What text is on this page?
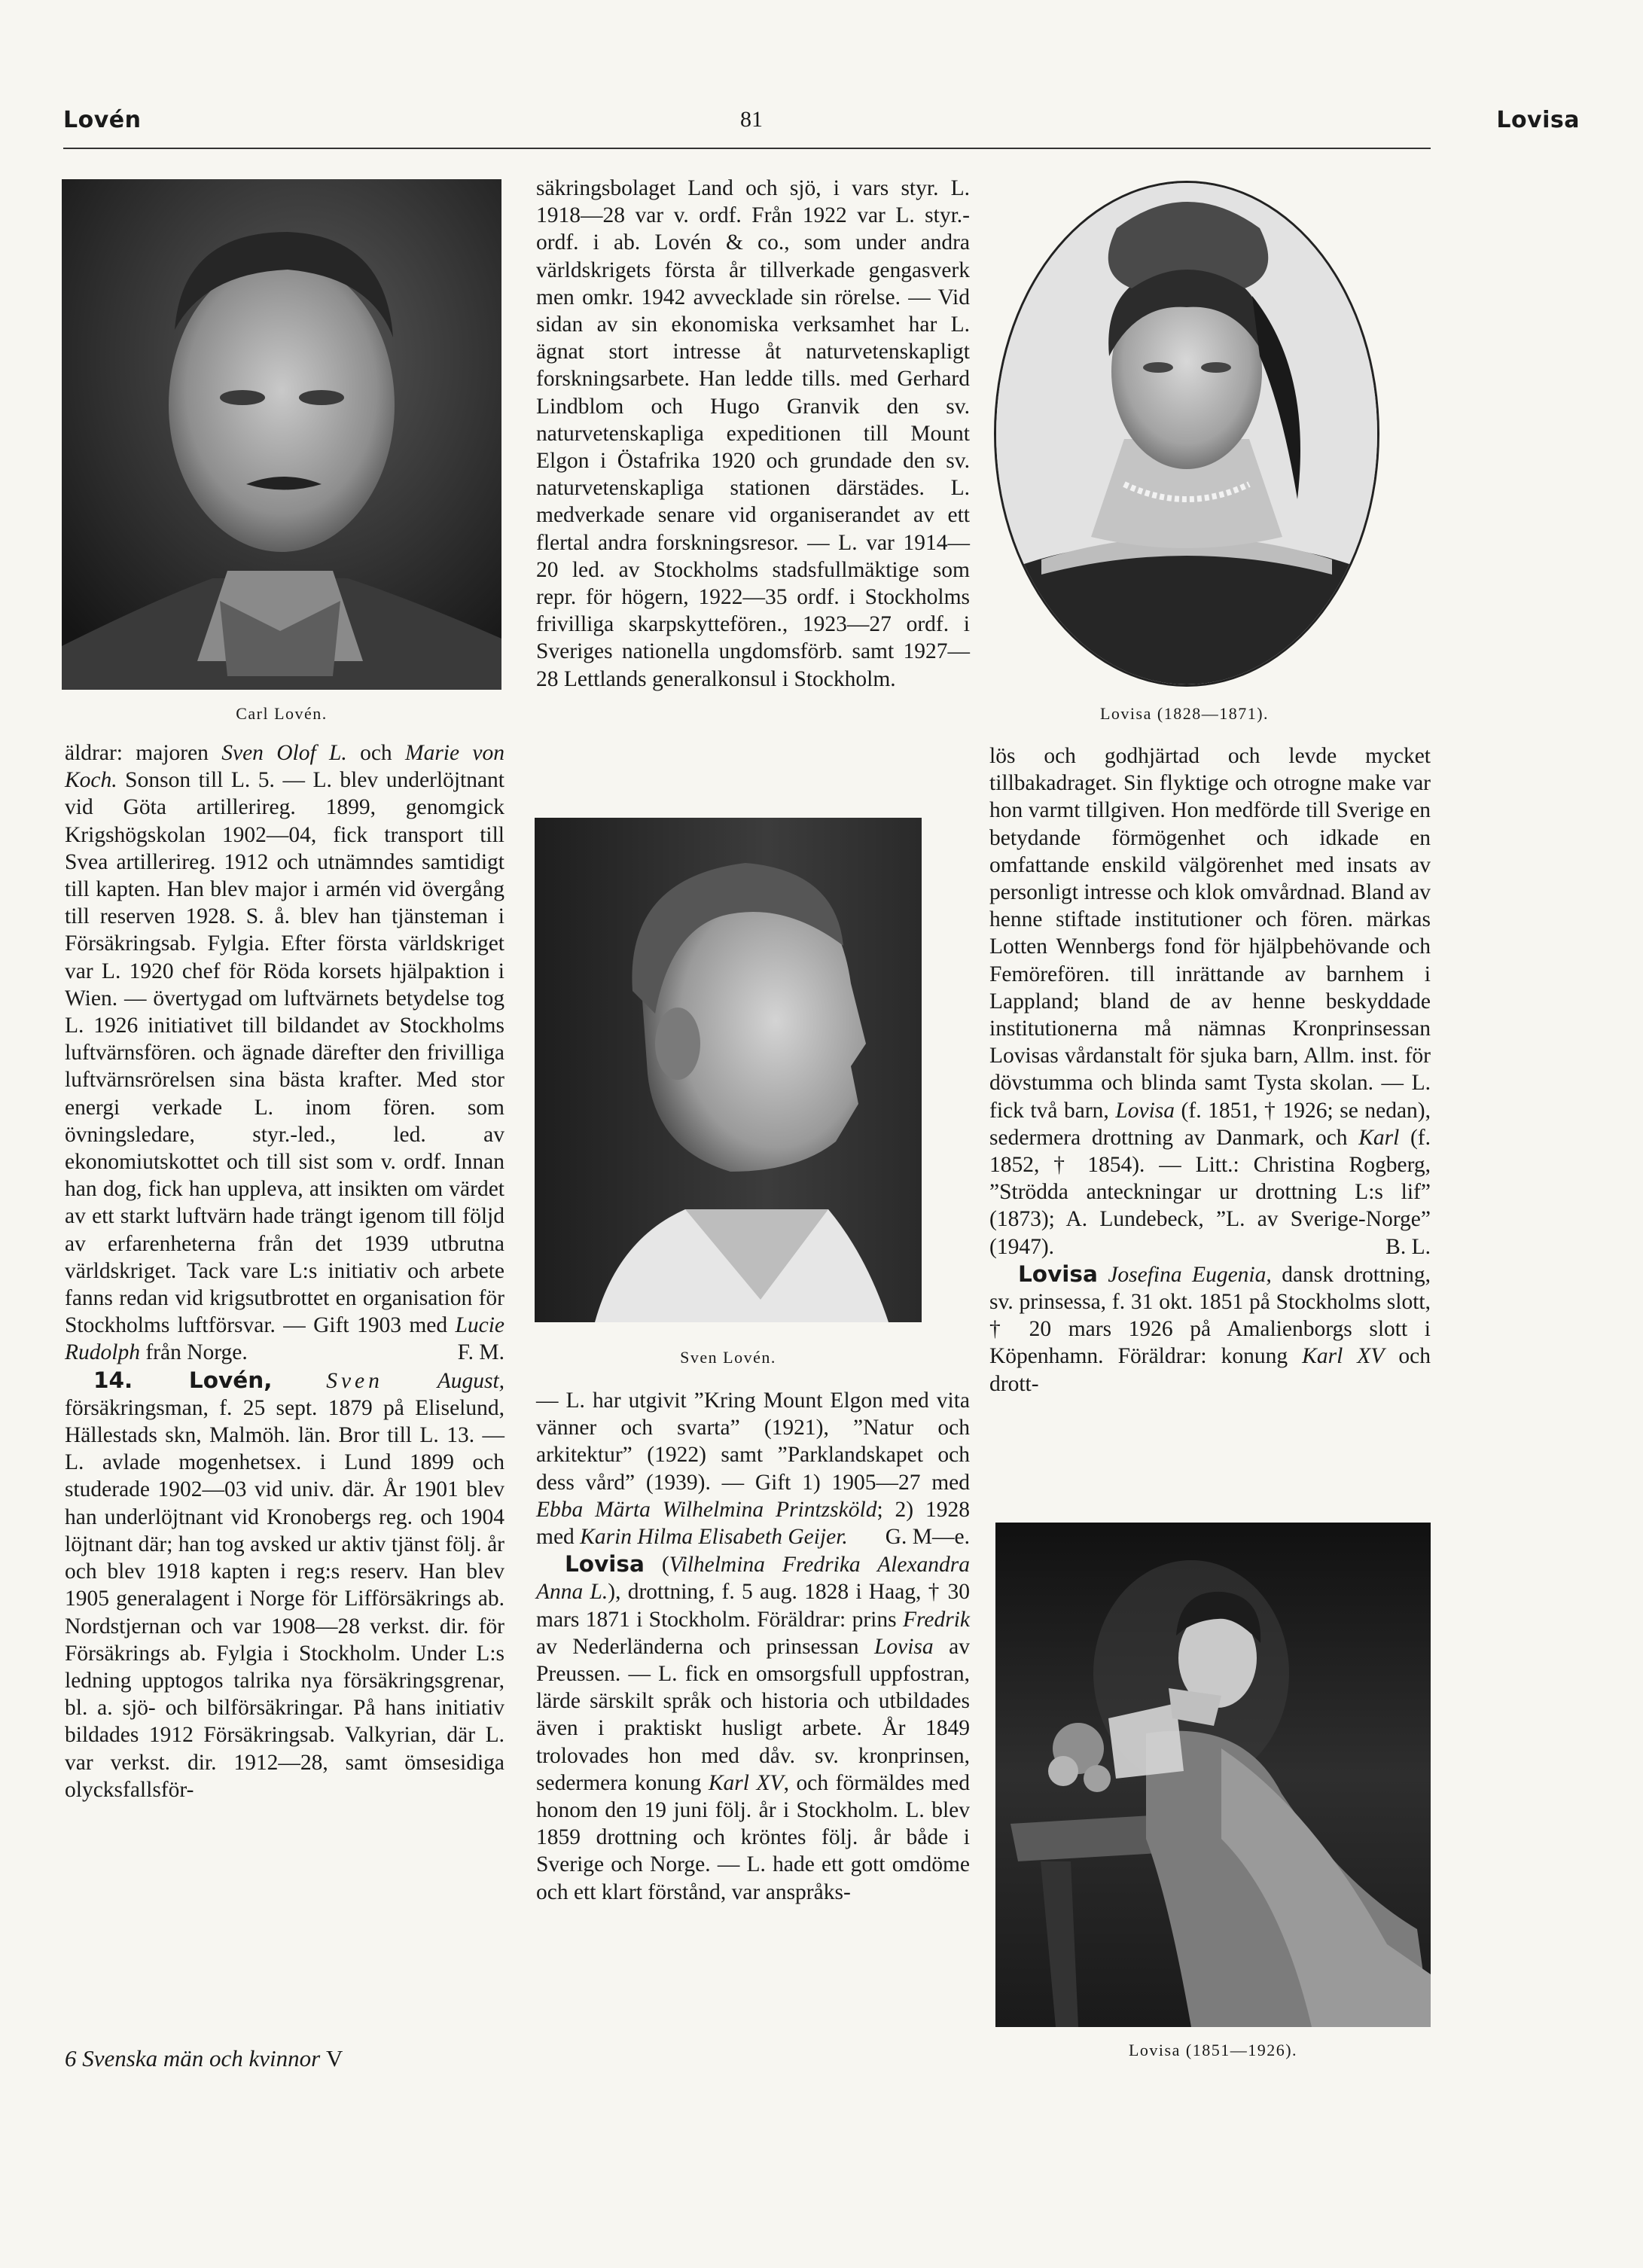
Lovén	81	Lovisa
Carl Lovén.

äldrar: majoren Sven Olof L. och Marie von Koch. Sonson till L. 5. — L. blev underlöjtnant vid Göta artillerireg. 1899, genomgick Krigshögskolan 1902—04, fick transport till Svea artillerireg. 1912 och utnämndes samtidigt till kapten. Han blev major i armén vid övergång till reserven 1928. S. å. blev han tjänsteman i Försäkringsab. Fylgia. Efter första världskriget var L. 1920 chef för Röda korsets hjälpaktion i Wien. — övertygad om luftvärnets betydelse tog L. 1926 initiativet till bildandet av Stockholms luftvärnsfören. och ägnade därefter den frivilliga luftvärnsrörelsen sina bästa krafter. Med stor energi verkade L. inom fören. som övningsledare, styr.-led., led. av ekonomiutskottet och till sist som v. ordf. Innan han dog, fick han uppleva, att insikten om värdet av ett starkt luftvärn hade trängt igenom till följd av erfarenheterna från det 1939 utbrutna världskriget. Tack vare L:s initiativ och arbete fanns redan vid krigsutbrottet en organisation för Stockholms luftförsvar. — Gift 1903 med Lucie Rudolph från Norge.	F. M.

14. Lovén, Sven August, försäkringsman, f. 25 sept. 1879 på Eliselund, Hällestads skn, Malmöh. län. Bror till L. 13. — L. avlade mogenhetsex. i Lund 1899 och studerade 1902—03 vid univ. där. År 1901 blev han underlöjtnant vid Kronobergs reg. och 1904 löjtnant där; han tog avsked ur aktiv tjänst följ. år och blev 1918 kapten i reg:s reserv. Han blev 1905 generalagent i Norge för Lifförsäkrings ab. Nordstjernan och var 1908—28 verkst. dir. för Försäkrings ab. Fylgia i Stockholm. Under L:s ledning upptogos talrika nya försäkringsgrenar, bl. a. sjö- och bilförsäkringar. På hans initiativ bildades 1912 Försäkringsab. Valkyrian, där L. var verkst. dir. 1912—28, samt ömsesidiga olycksfallsför-

säkringsbolaget Land och sjö, i vars styr. L. 1918—28 var v. ordf. Från 1922 var L. styr.-ordf. i ab. Lovén & co., som under andra världskrigets första år tillverkade gengasverk men omkr. 1942 avvecklade sin rörelse. — Vid sidan av sin ekonomiska verksamhet har L. ägnat stort intresse åt naturvetenskapligt forskningsarbete. Han ledde tills. med Gerhard Lindblom och Hugo Granvik den sv. naturvetenskapliga expeditionen till Mount Elgon i Östafrika 1920 och grundade den sv. naturvetenskapliga stationen därstädes. L. medverkade senare vid organiserandet av ett flertal andra forskningsresor. — L. var 1914—20 led. av Stockholms stadsfullmäktige som repr. för högern, 1922—35 ordf. i Stockholms frivilliga skarpskyttefören., 1923—27 ordf. i Sveriges nationella ungdomsförb. samt 1927—28 Lettlands generalkonsul i Stockholm.

Sven Lovén.

— L. har utgivit ”Kring Mount Elgon med vita vänner och svarta” (1921), ”Natur och arkitektur” (1922) samt ”Parklandskapet och dess vård” (1939). — Gift 1) 1905—27 med Ebba Märta Wilhelmina Printzsköld; 2) 1928 med Karin Hilma Elisabeth Geijer. G. M—e.

Lovisa (Vilhelmina Fredrika Alexandra Anna L.), drottning, f. 5 aug. 1828 i Haag, † 30 mars 1871 i Stockholm. Föräldrar: prins Fredrik av Nederländerna och prinsessan Lovisa av Preussen. — L. fick en omsorgsfull uppfostran, lärde särskilt språk och historia och utbildades även i praktiskt husligt arbete. År 1849 trolovades hon med dåv. sv. kronprinsen, sedermera konung Karl XV, och förmäldes med honom den 19 juni följ. år i Stockholm. L. blev 1859 drottning och kröntes följ. år både i Sverige och Norge. — L. hade ett gott omdöme och ett klart förstånd, var anspråks-

Lovisa (1828—1871).

lös och godhjärtad och levde mycket tillbakadraget. Sin flyktige och otrogne make var hon varmt tillgiven. Hon medförde till Sverige en betydande förmögenhet och idkade en omfattande enskild välgörenhet med insats av personligt intresse och klok omvårdnad. Bland av henne stiftade institutioner och fören. märkas Lotten Wennbergs fond för hjälpbehövande och Femörefören. till inrättande av barnhem i Lappland; bland de av henne beskyddade institutionerna må nämnas Kronprinsessan Lovisas vårdanstalt för sjuka barn, Allm. inst. för dövstumma och blinda samt Tysta skolan. — L. fick två barn, Lovisa (f. 1851, † 1926; se nedan), sedermera drottning av Danmark, och Karl (f. 1852, † 1854). — Litt.: Christina Rogberg, ”Strödda anteckningar ur drottning L:s lif” (1873); A. Lundebeck, ”L. av Sverige-Norge” (1947).	B. L.

Lovisa Josefina Eugenia, dansk drottning, sv. prinsessa, f. 31 okt. 1851 på Stockholms slott, † 20 mars 1926 på Amalienborgs slott i Köpenhamn. Föräldrar: konung Karl XV och drott-

Lovisa (1851—1926).
6 Svenska män och kvinnor V
